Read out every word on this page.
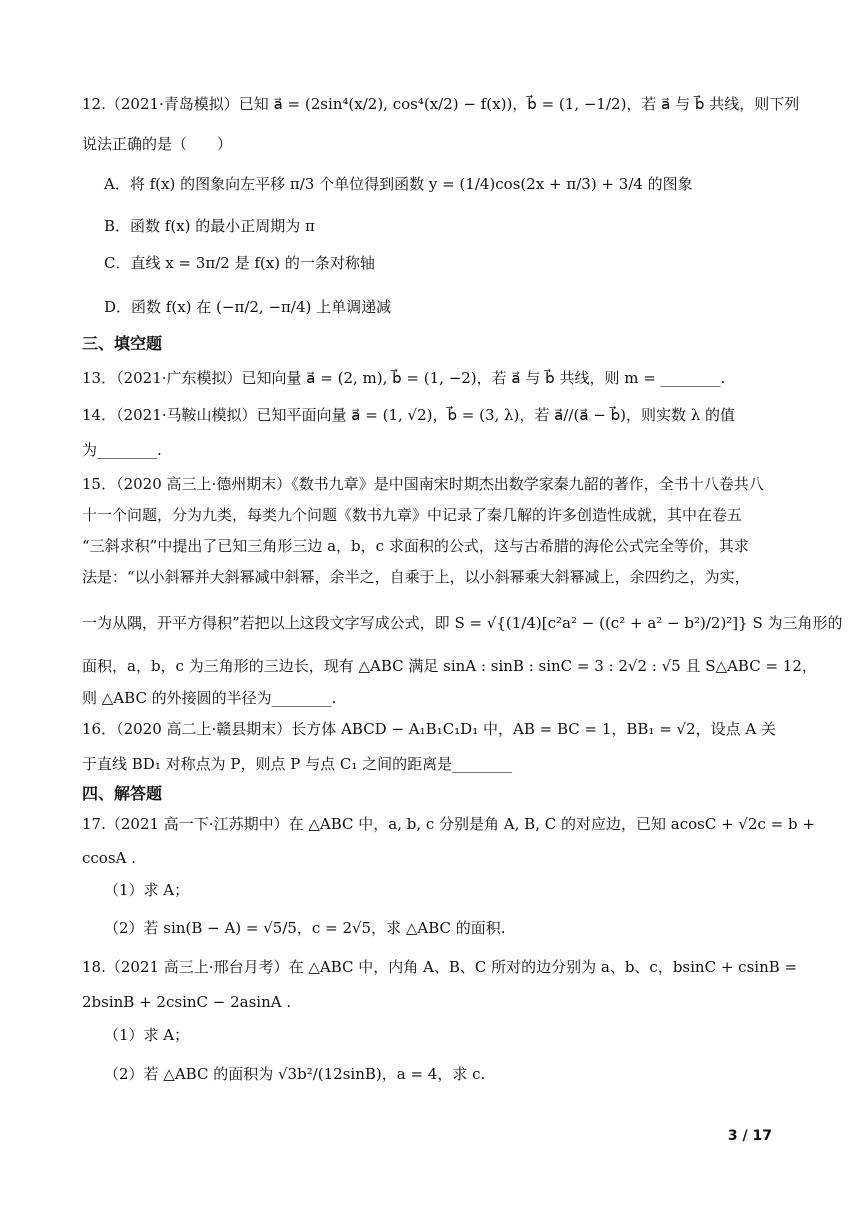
12.（2021·青岛模拟）已知 a⃗ = (2sin⁴(x/2), cos⁴(x/2) − f(x))，b⃗ = (1, −1/2)，若 a⃗ 与 b⃗ 共线，则下列
说法正确的是（　　）
A．将 f(x) 的图象向左平移 π/3 个单位得到函数 y = (1/4)cos(2x + π/3) + 3/4 的图象
B．函数 f(x) 的最小正周期为 π
C．直线 x = 3π/2 是 f(x) 的一条对称轴
D．函数 f(x) 在 (−π/2, −π/4) 上单调递减
三、填空题
13．（2021·广东模拟）已知向量 a⃗ = (2, m), b⃗ = (1, −2)，若 a⃗ 与 b⃗ 共线，则 m = ________.
14．（2021·马鞍山模拟）已知平面向量 a⃗ = (1, √2)，b⃗ = (3, λ)，若 a⃗//(a⃗ − b⃗)，则实数 λ 的值
为________.
15．（2020 高三上·德州期末）《数书九章》是中国南宋时期杰出数学家秦九韶的著作，全书十八卷共八
十一个问题，分为九类，每类九个问题《数书九章》中记录了秦几解的许多创造性成就，其中在卷五
“三斜求积”中提出了已知三角形三边 a，b，c 求面积的公式，这与古希腊的海伦公式完全等价，其求
法是：“以小斜幂并大斜幂减中斜幂，余半之，自乘于上，以小斜幂乘大斜幂减上，余四约之，为实，
一为从隅，开平方得积”若把以上这段文字写成公式，即 S = √{(1/4)[c²a² − ((c² + a² − b²)/2)²]} S 为三角形的
面积，a，b，c 为三角形的三边长，现有 △ABC 满足 sinA : sinB : sinC = 3 : 2√2 : √5 且 S△ABC = 12，
则 △ABC 的外接圆的半径为________.
16．（2020 高二上·赣县期末）长方体 ABCD − A₁B₁C₁D₁ 中，AB = BC = 1，BB₁ = √2，设点 A 关
于直线 BD₁ 对称点为 P，则点 P 与点 C₁ 之间的距离是________
四、解答题
17.（2021 高一下·江苏期中）在 △ABC 中，a, b, c 分别是角 A, B, C 的对应边，已知 acosC + √2c = b +
ccosA .
（1）求 A；
（2）若 sin(B − A) = √5/5，c = 2√5，求 △ABC 的面积.
18.（2021 高三上·邢台月考）在 △ABC 中，内角 A、B、C 所对的边分别为 a、b、c，bsinC + csinB =
2bsinB + 2csinC − 2asinA .
（1）求 A；
（2）若 △ABC 的面积为 √3b²/(12sinB)，a = 4，求 c.
3 / 17
